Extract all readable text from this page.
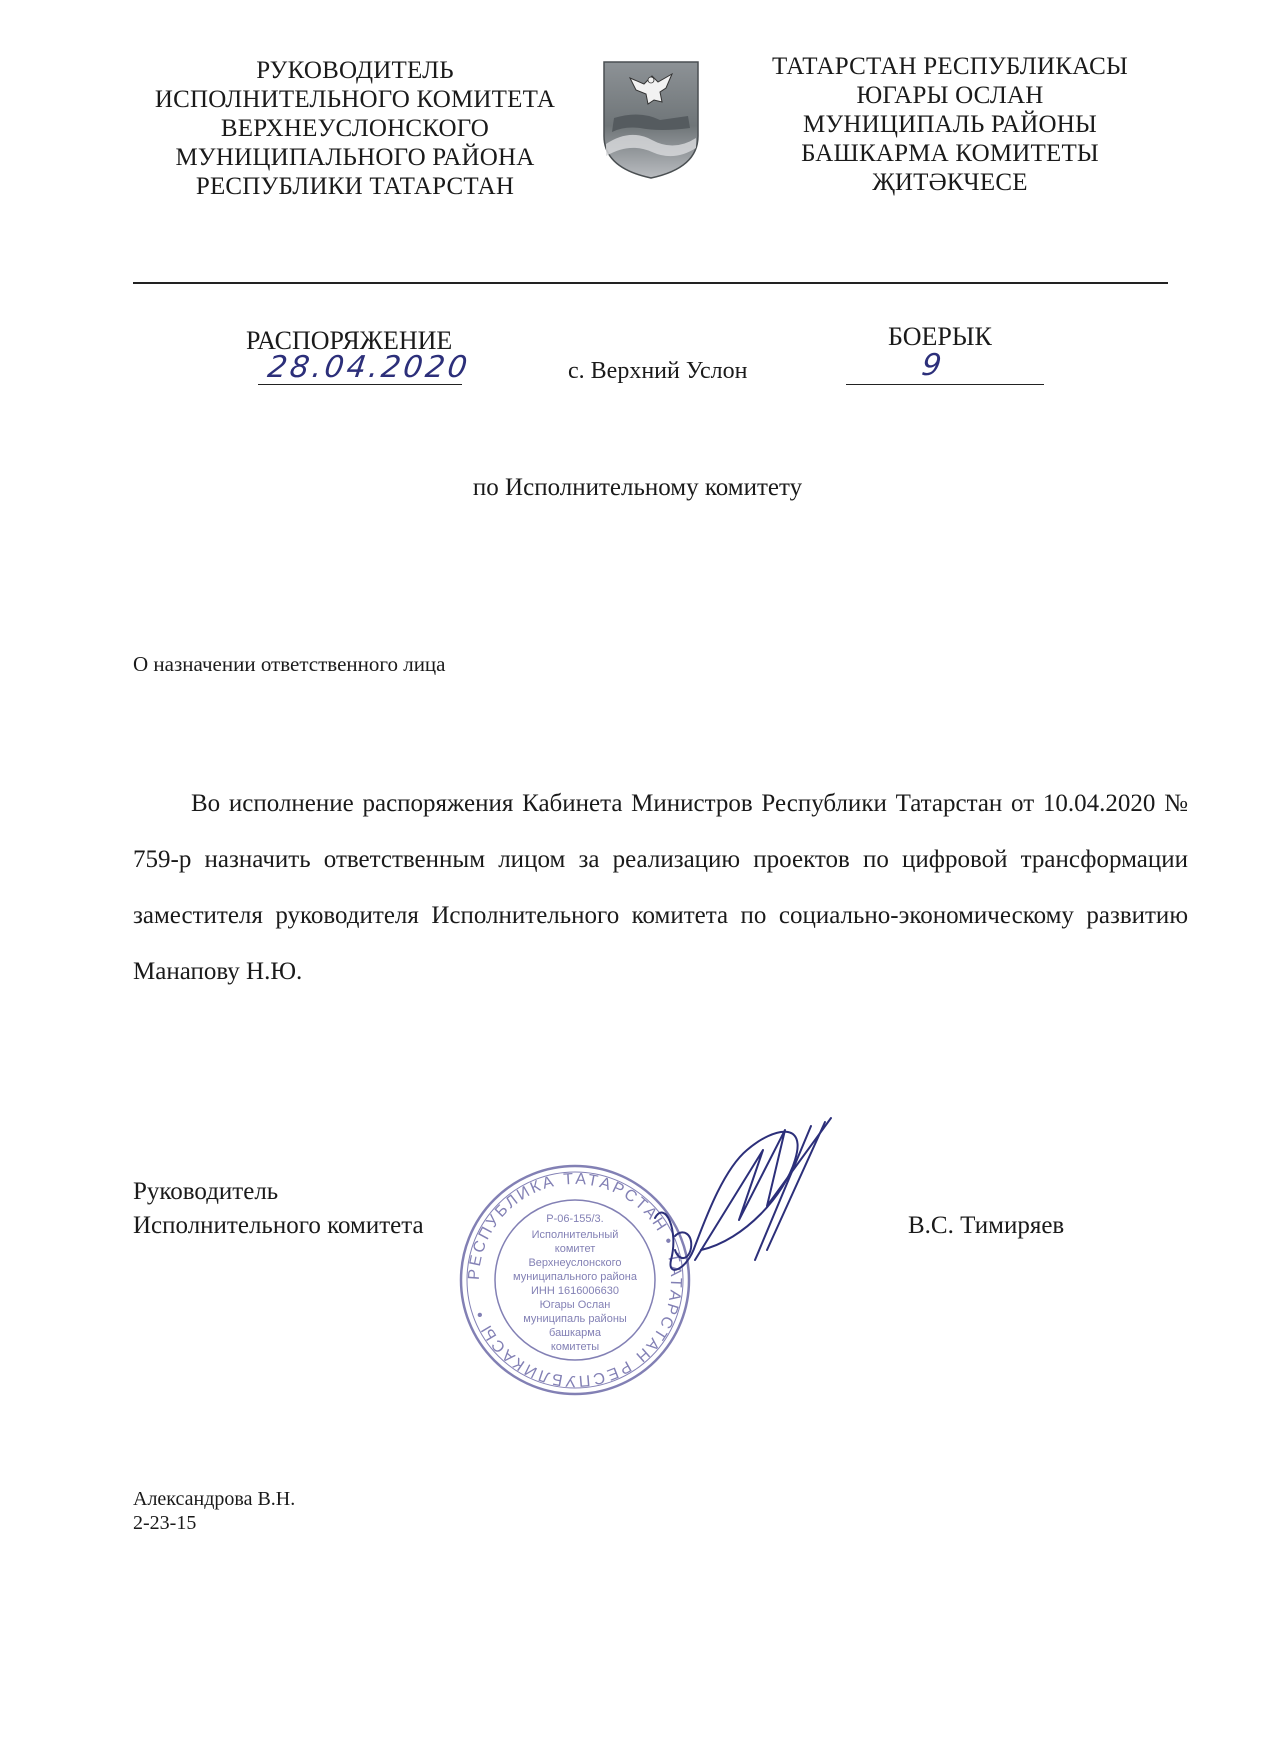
РУКОВОДИТЕЛЬ
ИСПОЛНИТЕЛЬНОГО КОМИТЕТА
ВЕРХНЕУСЛОНСКОГО
МУНИЦИПАЛЬНОГО РАЙОНА
РЕСПУБЛИКИ ТАТАРСТАН
ТАТАРСТАН РЕСПУБЛИКАСЫ
ЮГАРЫ ОСЛАН
МУНИЦИПАЛЬ РАЙОНЫ
БАШКАРМА КОМИТЕТЫ
ҖИТӘКЧЕСЕ
РАСПОРЯЖЕНИЕ	БОЕРЫК
28.04.2020	с. Верхний Услон	9
по Исполнительному комитету
О назначении ответственного лица
Во исполнение распоряжения Кабинета Министров Республики Татарстан от 10.04.2020 № 759-р назначить ответственным лицом за реализацию проектов по цифровой трансформации заместителя руководителя Исполнительного комитета по социально-экономическому развитию Манапову Н.Ю.
Руководитель
Исполнительного комитета	В.С. Тимиряев
РЕСПУБЛИКА ТАТАРСТАН • ТАТАРСТАН РЕСПУБЛИКАСЫ •
Р-06-155/3.
Исполнительный
комитет
Верхнеуслонского
муниципального района
ИНН 1616006630
Югары Ослан
муниципаль районы
башкарма
комитеты
Александрова В.Н.
2-23-15
